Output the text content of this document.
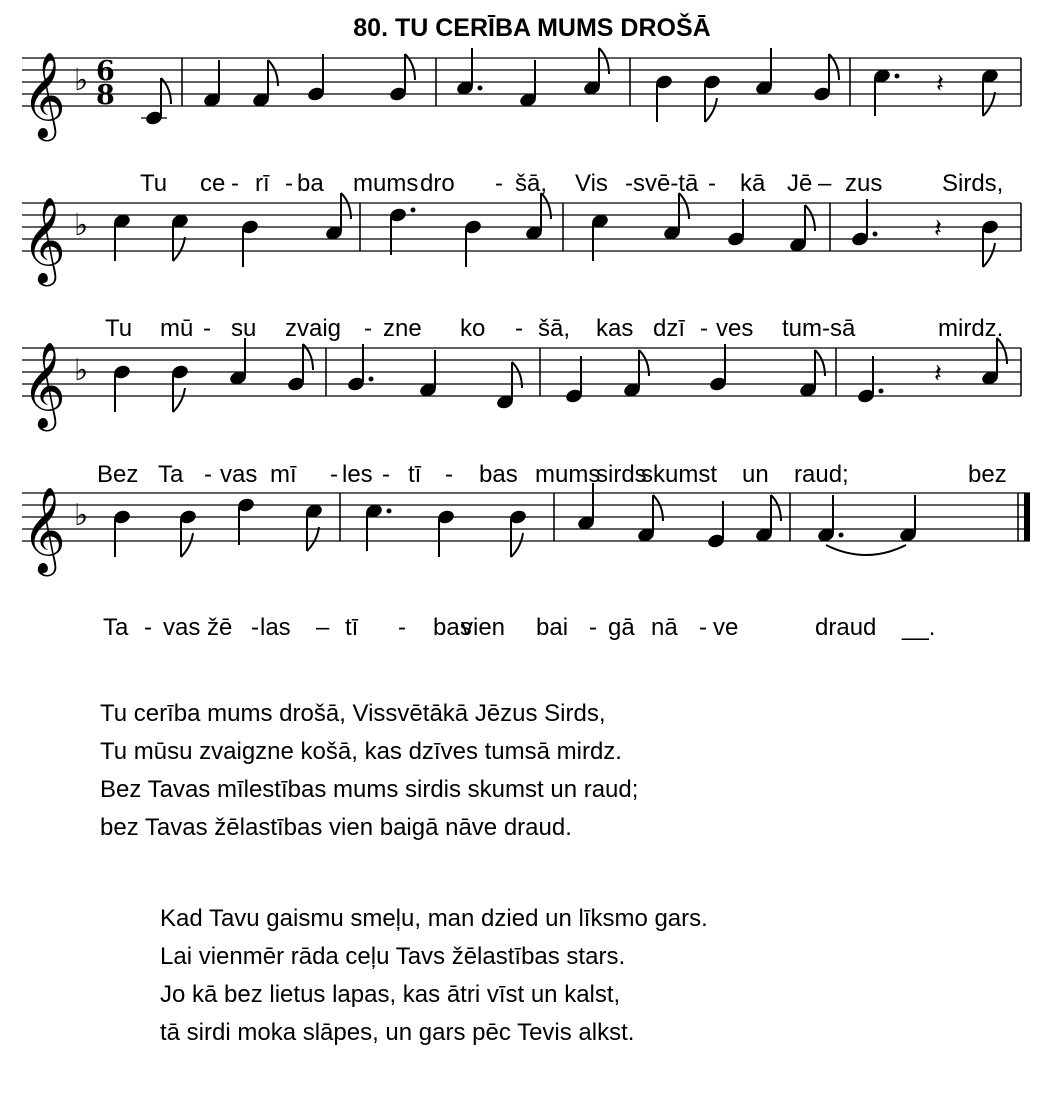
80. TU CERĪBA MUMS DROŠĀ
𝄞 ♭ 6
8	𝄽
Tu ce - rī - ba mums dro - šā, Vis -svē-tā - kā Jē – zus Sirds,
𝄞 ♭	𝄽
Tu mū - su zvaig - zne ko - šā, kas dzī - ves tum-sā	mirdz.
𝄞 ♭	𝄽
Bez Ta - vas mī - les - tī - bas mums
sirds
skumst un raud;	bez
𝄞 ♭
Ta - vas žē - las – tī - bas
vien bai - gā nā - ve	draud __.
Tu cerība mums drošā, Vissvētākā Jēzus Sirds,
Tu mūsu zvaigzne košā, kas dzīves tumsā mirdz.
Bez Tavas mīlestības mums sirdis skumst un raud;
bez Tavas žēlastības vien baigā nāve draud.
Kad Tavu gaismu smeļu, man dzied un līksmo gars.
Lai vienmēr rāda ceļu Tavs žēlastības stars.
Jo kā bez lietus lapas, kas ātri vīst un kalst,
tā sirdi moka slāpes, un gars pēc Tevis alkst.
